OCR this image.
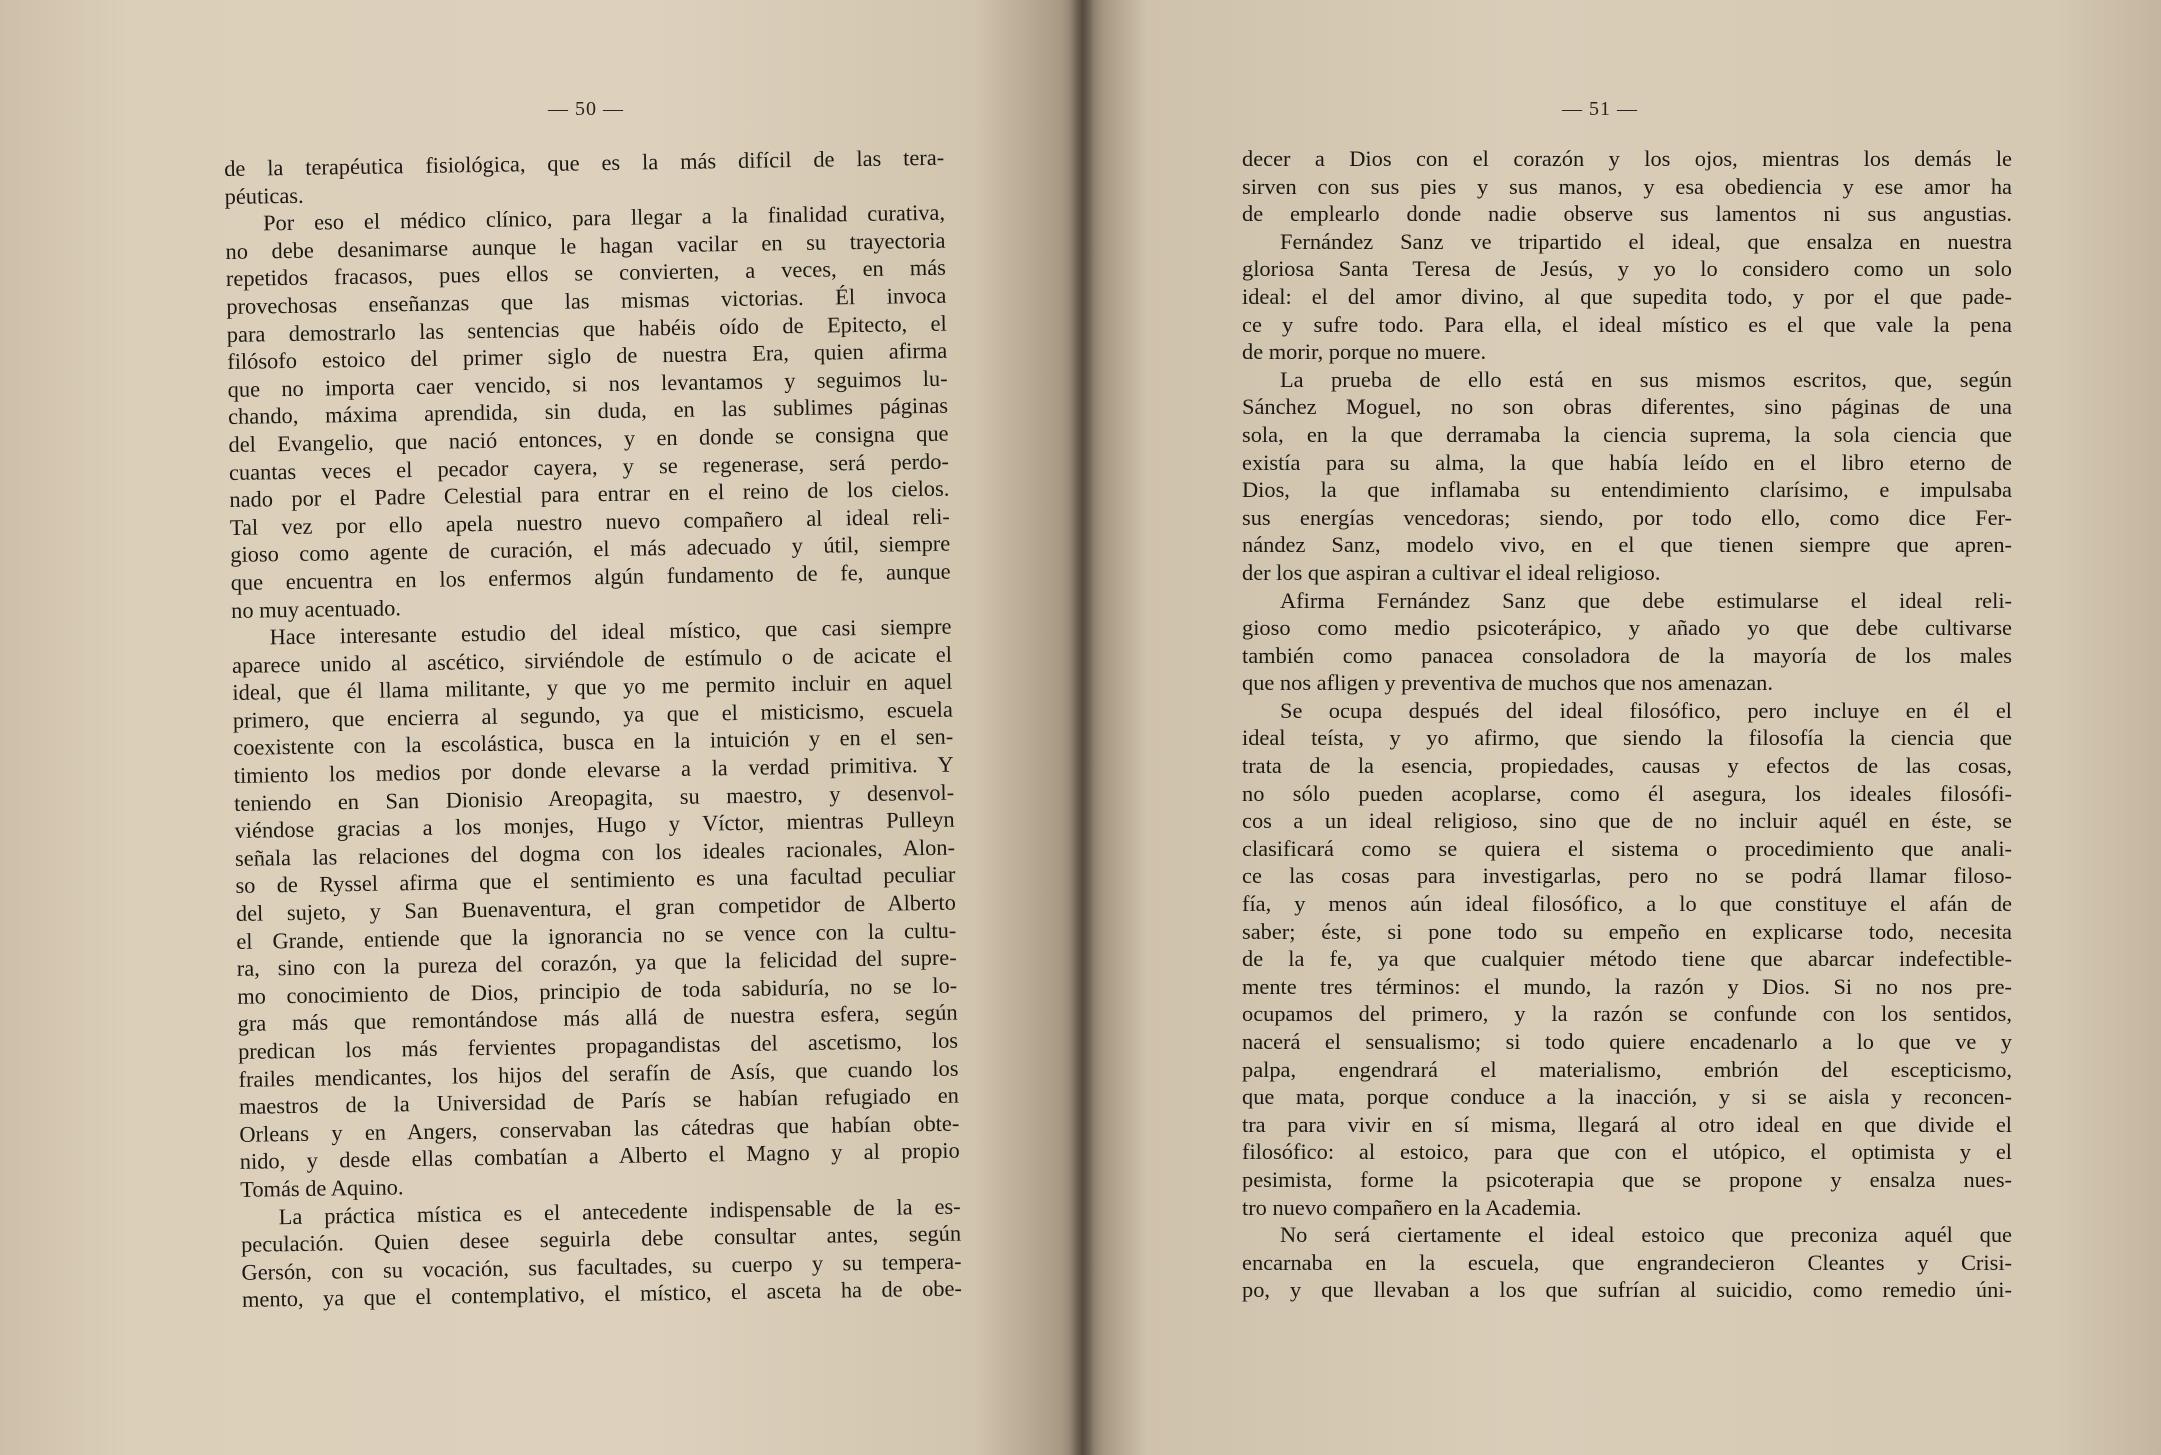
— 50 —

de la terapéutica fisiológica, que es la más difícil de las tera-

péuticas.

Por eso el médico clínico, para llegar a la finalidad curativa,

no debe desanimarse aunque le hagan vacilar en su trayectoria

repetidos fracasos, pues ellos se convierten, a veces, en más

provechosas enseñanzas que las mismas victorias. Él invoca

para demostrarlo las sentencias que habéis oído de Epitecto, el

filósofo estoico del primer siglo de nuestra Era, quien afirma

que no importa caer vencido, si nos levantamos y seguimos lu-

chando, máxima aprendida, sin duda, en las sublimes páginas

del Evangelio, que nació entonces, y en donde se consigna que

cuantas veces el pecador cayera, y se regenerase, será perdo-

nado por el Padre Celestial para entrar en el reino de los cielos.

Tal vez por ello apela nuestro nuevo compañero al ideal reli-

gioso como agente de curación, el más adecuado y útil, siempre

que encuentra en los enfermos algún fundamento de fe, aunque

no muy acentuado.

Hace interesante estudio del ideal místico, que casi siempre

aparece unido al ascético, sirviéndole de estímulo o de acicate el

ideal, que él llama militante, y que yo me permito incluir en aquel

primero, que encierra al segundo, ya que el misticismo, escuela

coexistente con la escolástica, busca en la intuición y en el sen-

timiento los medios por donde elevarse a la verdad primitiva. Y

teniendo en San Dionisio Areopagita, su maestro, y desenvol-

viéndose gracias a los monjes, Hugo y Víctor, mientras Pulleyn

señala las relaciones del dogma con los ideales racionales, Alon-

so de Ryssel afirma que el sentimiento es una facultad peculiar

del sujeto, y San Buenaventura, el gran competidor de Alberto

el Grande, entiende que la ignorancia no se vence con la cultu-

ra, sino con la pureza del corazón, ya que la felicidad del supre-

mo conocimiento de Dios, principio de toda sabiduría, no se lo-

gra más que remontándose más allá de nuestra esfera, según

predican los más fervientes propagandistas del ascetismo, los

frailes mendicantes, los hijos del serafín de Asís, que cuando los

maestros de la Universidad de París se habían refugiado en

Orleans y en Angers, conservaban las cátedras que habían obte-

nido, y desde ellas combatían a Alberto el Magno y al propio

Tomás de Aquino.

La práctica mística es el antecedente indispensable de la es-

peculación. Quien desee seguirla debe consultar antes, según

Gersón, con su vocación, sus facultades, su cuerpo y su tempera-

mento, ya que el contemplativo, el místico, el asceta ha de obe-

— 51 —

decer a Dios con el corazón y los ojos, mientras los demás le

sirven con sus pies y sus manos, y esa obediencia y ese amor ha

de emplearlo donde nadie observe sus lamentos ni sus angustias.

Fernández Sanz ve tripartido el ideal, que ensalza en nuestra

gloriosa Santa Teresa de Jesús, y yo lo considero como un solo

ideal: el del amor divino, al que supedita todo, y por el que pade-

ce y sufre todo. Para ella, el ideal místico es el que vale la pena

de morir, porque no muere.

La prueba de ello está en sus mismos escritos, que, según

Sánchez Moguel, no son obras diferentes, sino páginas de una

sola, en la que derramaba la ciencia suprema, la sola ciencia que

existía para su alma, la que había leído en el libro eterno de

Dios, la que inflamaba su entendimiento clarísimo, e impulsaba

sus energías vencedoras; siendo, por todo ello, como dice Fer-

nández Sanz, modelo vivo, en el que tienen siempre que apren-

der los que aspiran a cultivar el ideal religioso.

Afirma Fernández Sanz que debe estimularse el ideal reli-

gioso como medio psicoterápico, y añado yo que debe cultivarse

también como panacea consoladora de la mayoría de los males

que nos afligen y preventiva de muchos que nos amenazan.

Se ocupa después del ideal filosófico, pero incluye en él el

ideal teísta, y yo afirmo, que siendo la filosofía la ciencia que

trata de la esencia, propiedades, causas y efectos de las cosas,

no sólo pueden acoplarse, como él asegura, los ideales filosófi-

cos a un ideal religioso, sino que de no incluir aquél en éste, se

clasificará como se quiera el sistema o procedimiento que anali-

ce las cosas para investigarlas, pero no se podrá llamar filoso-

fía, y menos aún ideal filosófico, a lo que constituye el afán de

saber; éste, si pone todo su empeño en explicarse todo, necesita

de la fe, ya que cualquier método tiene que abarcar indefectible-

mente tres términos: el mundo, la razón y Dios. Si no nos pre-

ocupamos del primero, y la razón se confunde con los sentidos,

nacerá el sensualismo; si todo quiere encadenarlo a lo que ve y

palpa, engendrará el materialismo, embrión del escepticismo,

que mata, porque conduce a la inacción, y si se aisla y reconcen-

tra para vivir en sí misma, llegará al otro ideal en que divide el

filosófico: al estoico, para que con el utópico, el optimista y el

pesimista, forme la psicoterapia que se propone y ensalza nues-

tro nuevo compañero en la Academia.

No será ciertamente el ideal estoico que preconiza aquél que

encarnaba en la escuela, que engrandecieron Cleantes y Crisi-

po, y que llevaban a los que sufrían al suicidio, como remedio úni-
